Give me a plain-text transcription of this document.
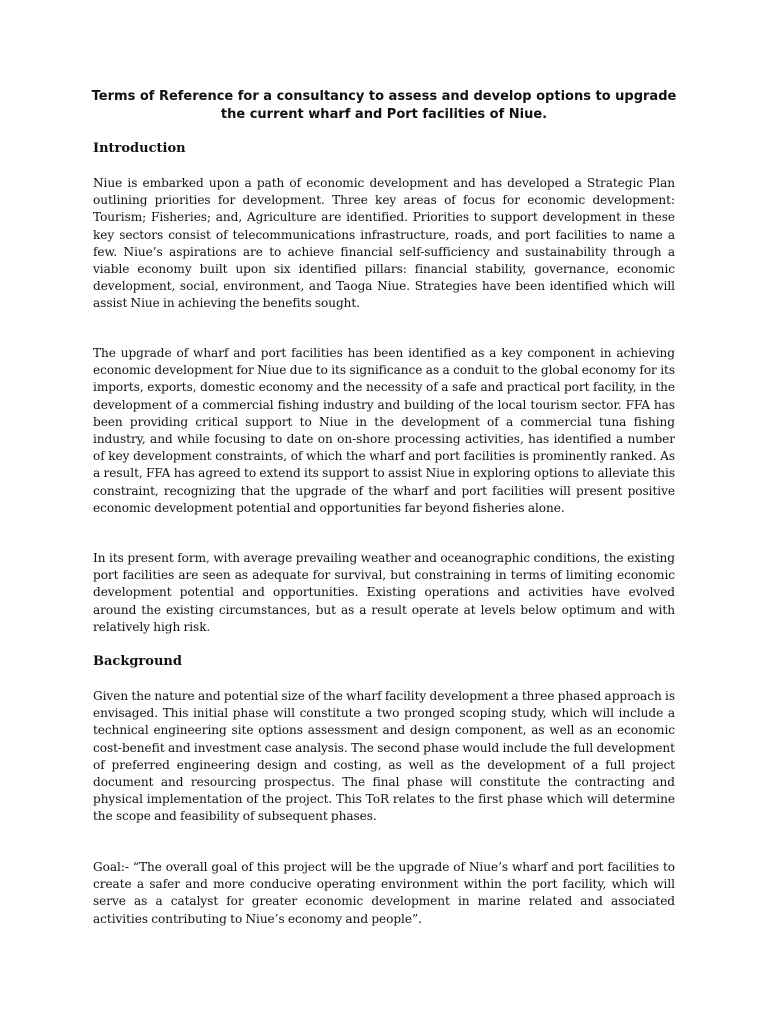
Terms of Reference for a consultancy to assess and develop options to upgrade the current wharf and Port facilities of Niue.
Introduction

Niue is embarked upon a path of economic development and has developed a Strategic Plan outlining priorities for development. Three key areas of focus for economic development: Tourism; Fisheries; and, Agriculture are identified. Priorities to support development in these key sectors consist of telecommunications infrastructure, roads, and port facilities to name a few. Niue’s aspirations are to achieve financial self-sufficiency and sustainability through a viable economy built upon six identified pillars: financial stability, governance, economic development, social, environment, and Taoga Niue. Strategies have been identified which will assist Niue in achieving the benefits sought.

The upgrade of wharf and port facilities has been identified as a key component in achieving economic development for Niue due to its significance as a conduit to the global economy for its imports, exports, domestic economy and the necessity of a safe and practical port facility, in the development of a commercial fishing industry and building of the local tourism sector. FFA has been providing critical support to Niue in the development of a commercial tuna fishing industry, and while focusing to date on on-shore processing activities, has identified a number of key development constraints, of which the wharf and port facilities is prominently ranked. As a result, FFA has agreed to extend its support to assist Niue in exploring options to alleviate this constraint, recognizing that the upgrade of the wharf and port facilities will present positive economic development potential and opportunities far beyond fisheries alone.

In its present form, with average prevailing weather and oceanographic conditions, the existing port facilities are seen as adequate for survival, but constraining in terms of limiting economic development potential and opportunities. Existing operations and activities have evolved around the existing circumstances, but as a result operate at levels below optimum and with relatively high risk.

Background

Given the nature and potential size of the wharf facility development a three phased approach is envisaged. This initial phase will constitute a two pronged scoping study, which will include a technical engineering site options assessment and design component, as well as an economic cost-benefit and investment case analysis. The second phase would include the full development of preferred engineering design and costing, as well as the development of a full project document and resourcing prospectus. The final phase will constitute the contracting and physical implementation of the project. This ToR relates to the first phase which will determine the scope and feasibility of subsequent phases.

Goal:- “The overall goal of this project will be the upgrade of Niue’s wharf and port facilities to create a safer and more conducive operating environment within the port facility, which will serve as a catalyst for greater economic development in marine related and associated activities contributing to Niue’s economy and people”.
